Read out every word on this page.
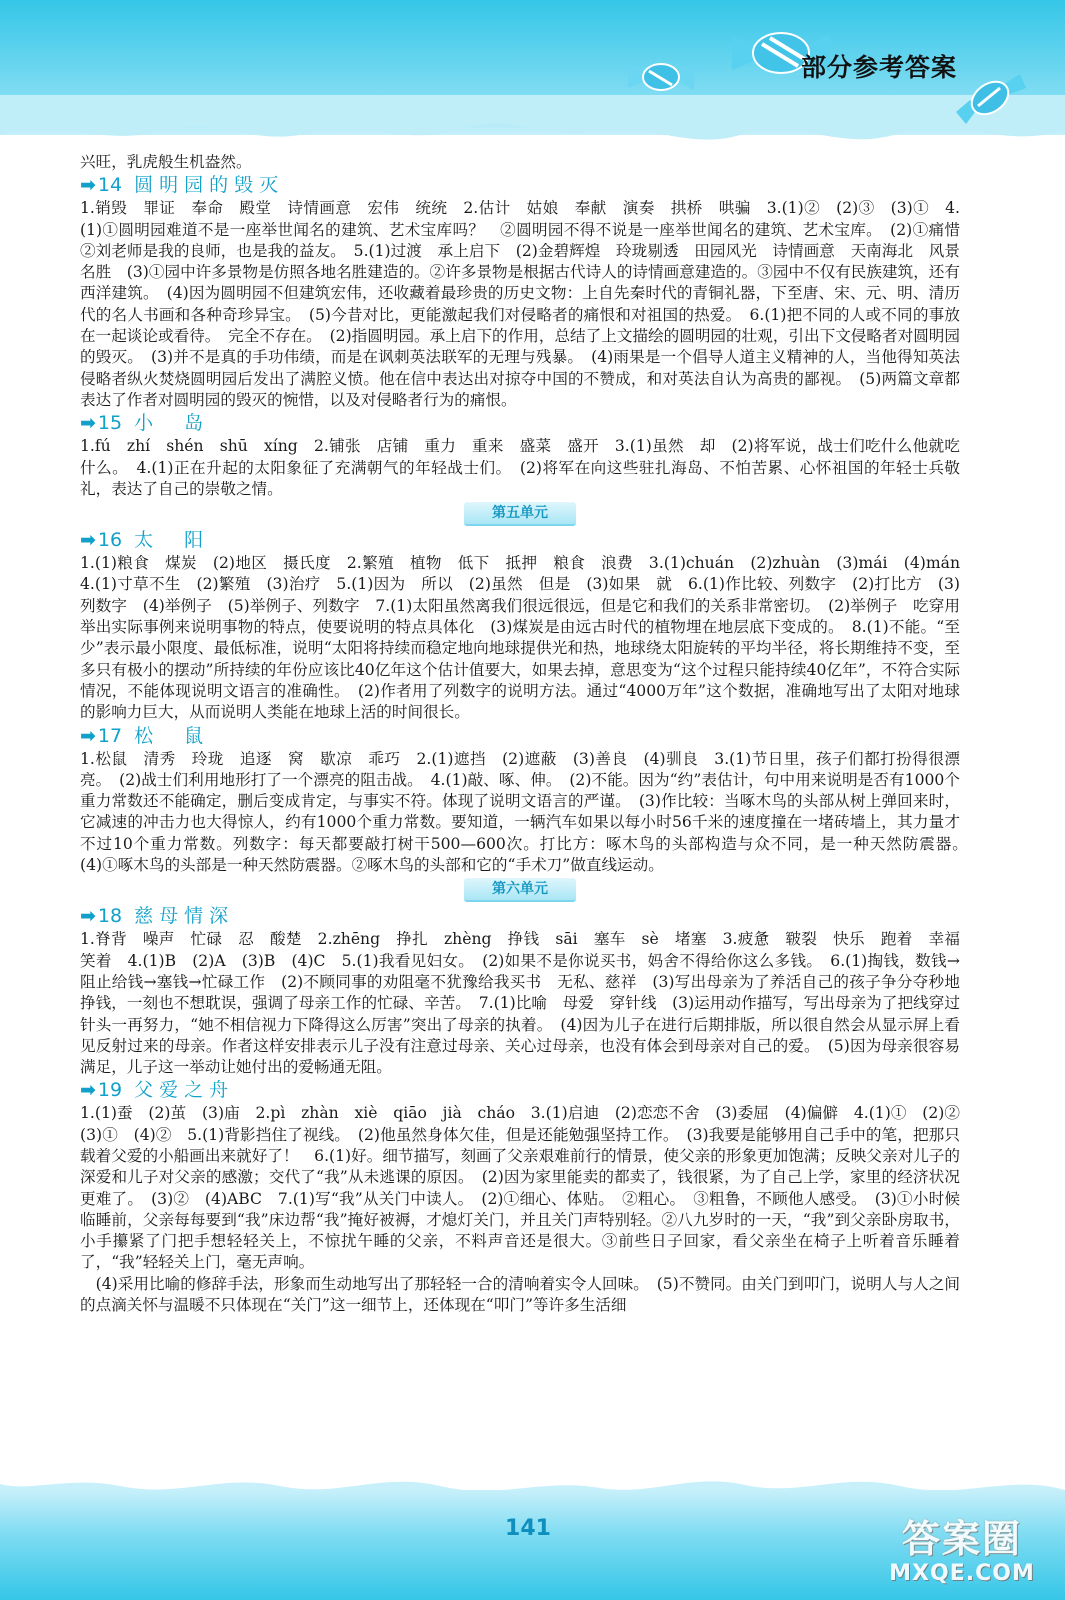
部分参考答案

兴旺，乳虎般生机盎然。

➡ 14 圆明园的毁灭

1.销毁　罪证　奉命　殿堂　诗情画意　宏伟　统统　2.估计　姑娘　奉献　演奏　拱桥　哄骗　3.(1)②　(2)③　(3)①　4.(1)①圆明园难道不是一座举世闻名的建筑、艺术宝库吗？　②圆明园不得不说是一座举世闻名的建筑、艺术宝库。　(2)①痛惜　②刘老师是我的良师，也是我的益友。　5.(1)过渡　承上启下　(2)金碧辉煌　玲珑剔透　田园风光　诗情画意　天南海北　风景名胜　(3)①园中许多景物是仿照各地名胜建造的。②许多景物是根据古代诗人的诗情画意建造的。③园中不仅有民族建筑，还有西洋建筑。　(4)因为圆明园不但建筑宏伟，还收藏着最珍贵的历史文物：上自先秦时代的青铜礼器，下至唐、宋、元、明、清历代的名人书画和各种奇珍异宝。　(5)今昔对比，更能激起我们对侵略者的痛恨和对祖国的热爱。　6.(1)把不同的人或不同的事放在一起谈论或看待。　完全不存在。　(2)指圆明园。承上启下的作用，总结了上文描绘的圆明园的壮观，引出下文侵略者对圆明园的毁灭。　(3)并不是真的手功伟绩，而是在讽刺英法联军的无理与残暴。　(4)雨果是一个倡导人道主义精神的人，当他得知英法侵略者纵火焚烧圆明园后发出了满腔义愤。他在信中表达出对掠夺中国的不赞成，和对英法自认为高贵的鄙视。　(5)两篇文章都表达了作者对圆明园的毁灭的惋惜，以及对侵略者行为的痛恨。

➡ 15 小　岛

1.fú　zhí　shén　shū　xíng　2.铺张　店铺　重力　重来　盛菜　盛开　3.(1)虽然　却　(2)将军说，战士们吃什么他就吃什么。　4.(1)正在升起的太阳象征了充满朝气的年轻战士们。　(2)将军在向这些驻扎海岛、不怕苦累、心怀祖国的年轻士兵敬礼，表达了自己的崇敬之情。

第五单元
➡ 16 太　阳

1.(1)粮食　煤炭　(2)地区　摄氏度　2.繁殖　植物　低下　抵押　粮食　浪费　3.(1)chuán　(2)zhuàn　(3)mái　(4)mán　4.(1)寸草不生　(2)繁殖　(3)治疗　5.(1)因为　所以　(2)虽然　但是　(3)如果　就　6.(1)作比较、列数字　(2)打比方　(3)列数字　(4)举例子　(5)举例子、列数字　7.(1)太阳虽然离我们很远很远，但是它和我们的关系非常密切。　(2)举例子　吃穿用　举出实际事例来说明事物的特点，使要说明的特点具体化　(3)煤炭是由远古时代的植物埋在地层底下变成的。　8.(1)不能。“至少”表示最小限度、最低标准，说明“太阳将持续而稳定地向地球提供光和热，地球绕太阳旋转的平均半径，将长期维持不变，至多只有极小的摆动”所持续的年份应该比40亿年这个估计值要大，如果去掉，意思变为“这个过程只能持续40亿年”，不符合实际情况，不能体现说明文语言的准确性。　(2)作者用了列数字的说明方法。通过“4000万年”这个数据，准确地写出了太阳对地球的影响力巨大，从而说明人类能在地球上活的时间很长。

➡ 17 松　鼠

1.松鼠　清秀　玲珑　追逐　窝　歇凉　乖巧　2.(1)遮挡　(2)遮蔽　(3)善良　(4)驯良　3.(1)节日里，孩子们都打扮得很漂亮。　(2)战士们利用地形打了一个漂亮的阻击战。　4.(1)敲、啄、伸。　(2)不能。因为“约”表估计，句中用来说明是否有1000个重力常数还不能确定，删后变成肯定，与事实不符。体现了说明文语言的严谨。　(3)作比较：当啄木鸟的头部从树上弹回来时，它减速的冲击力也大得惊人，约有1000个重力常数。要知道，一辆汽车如果以每小时56千米的速度撞在一堵砖墙上，其力量才不过10个重力常数。列数字：每天都要敲打树干500—600次。打比方：啄木鸟的头部构造与众不同，是一种天然防震器。　(4)①啄木鸟的头部是一种天然防震器。②啄木鸟的头部和它的“手术刀”做直线运动。

第六单元
➡ 18 慈母情深

1.脊背　噪声　忙碌　忍　酸楚　2.zhēng　挣扎　zhèng　挣钱　sāi　塞车　sè　堵塞　3.疲惫　皲裂　快乐　跑着　幸福　笑着　4.(1)B　(2)A　(3)B　(4)C　5.(1)我看见妇女。　(2)如果不是你说买书，妈舍不得给你这么多钱。　6.(1)掏钱，数钱→阻止给钱→塞钱→忙碌工作　(2)不顾同事的劝阻毫不犹豫给我买书　无私、慈祥　(3)写出母亲为了养活自己的孩子争分夺秒地挣钱，一刻也不想耽误，强调了母亲工作的忙碌、辛苦。　7.(1)比喻　母爱　穿针线　(3)运用动作描写，写出母亲为了把线穿过针头一再努力，“她不相信视力下降得这么厉害”突出了母亲的执着。　(4)因为儿子在进行后期排版，所以很自然会从显示屏上看见反射过来的母亲。作者这样安排表示儿子没有注意过母亲、关心过母亲，也没有体会到母亲对自己的爱。　(5)因为母亲很容易满足，儿子这一举动让她付出的爱畅通无阻。

➡ 19 父爱之舟

1.(1)蚕　(2)茧　(3)庙　2.pì　zhàn　xiè　qiāo　jià　cháo　3.(1)启迪　(2)恋恋不舍　(3)委屈　(4)偏僻　4.(1)①　(2)②　(3)①　(4)②　5.(1)背影挡住了视线。　(2)他虽然身体欠佳，但是还能勉强坚持工作。　(3)我要是能够用自己手中的笔，把那只载着父爱的小船画出来就好了！　6.(1)好。细节描写，刻画了父亲艰难前行的情景，使父亲的形象更加饱满；反映父亲对儿子的深爱和儿子对父亲的感激；交代了“我”从未逃课的原因。　(2)因为家里能卖的都卖了，钱很紧，为了自己上学，家里的经济状况更难了。　(3)②　(4)ABC　7.(1)写“我”从关门中读人。　(2)①细心、体贴。　②粗心。　③粗鲁，不顾他人感受。　(3)①小时候临睡前，父亲每每要到“我”床边帮“我”掩好被褥，才熄灯关门，并且关门声特别轻。②八九岁时的一天，“我”到父亲卧房取书，小手攥紧了门把手想轻轻关上，不惊扰午睡的父亲，不料声音还是很大。③前些日子回家，看父亲坐在椅子上听着音乐睡着了，“我”轻轻关上门，毫无声响。

　(4)采用比喻的修辞手法，形象而生动地写出了那轻轻一合的清响着实令人回味。　(5)不赞同。由关门到叩门，说明人与人之间的点滴关怀与温暖不只体现在“关门”这一细节上，还体现在“叩门”等许多生活细

141	答案圈
MXQE.COM
